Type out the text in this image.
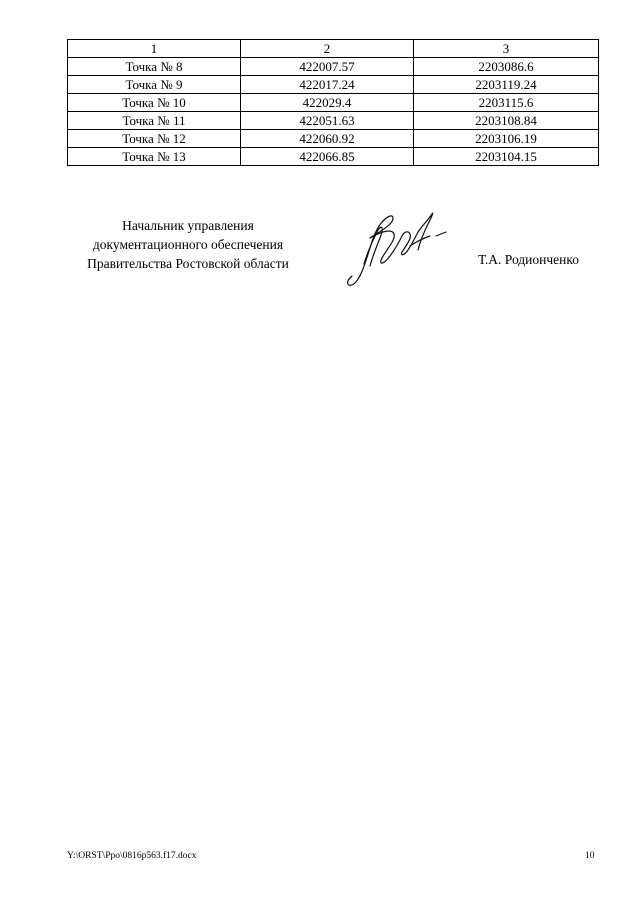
1	2	3
Точка № 8	422007.57	2203086.6
Точка № 9	422017.24	2203119.24
Точка № 10	422029.4	2203115.6
Точка № 11	422051.63	2203108.84
Точка № 12	422060.92	2203106.19
Точка № 13	422066.85	2203104.15
Начальник управления
документационного обеспечения
Правительства Ростовской области	Т.А. Родионченко
Y:\ORST\Ppo\0816p563.f17.docx	10
